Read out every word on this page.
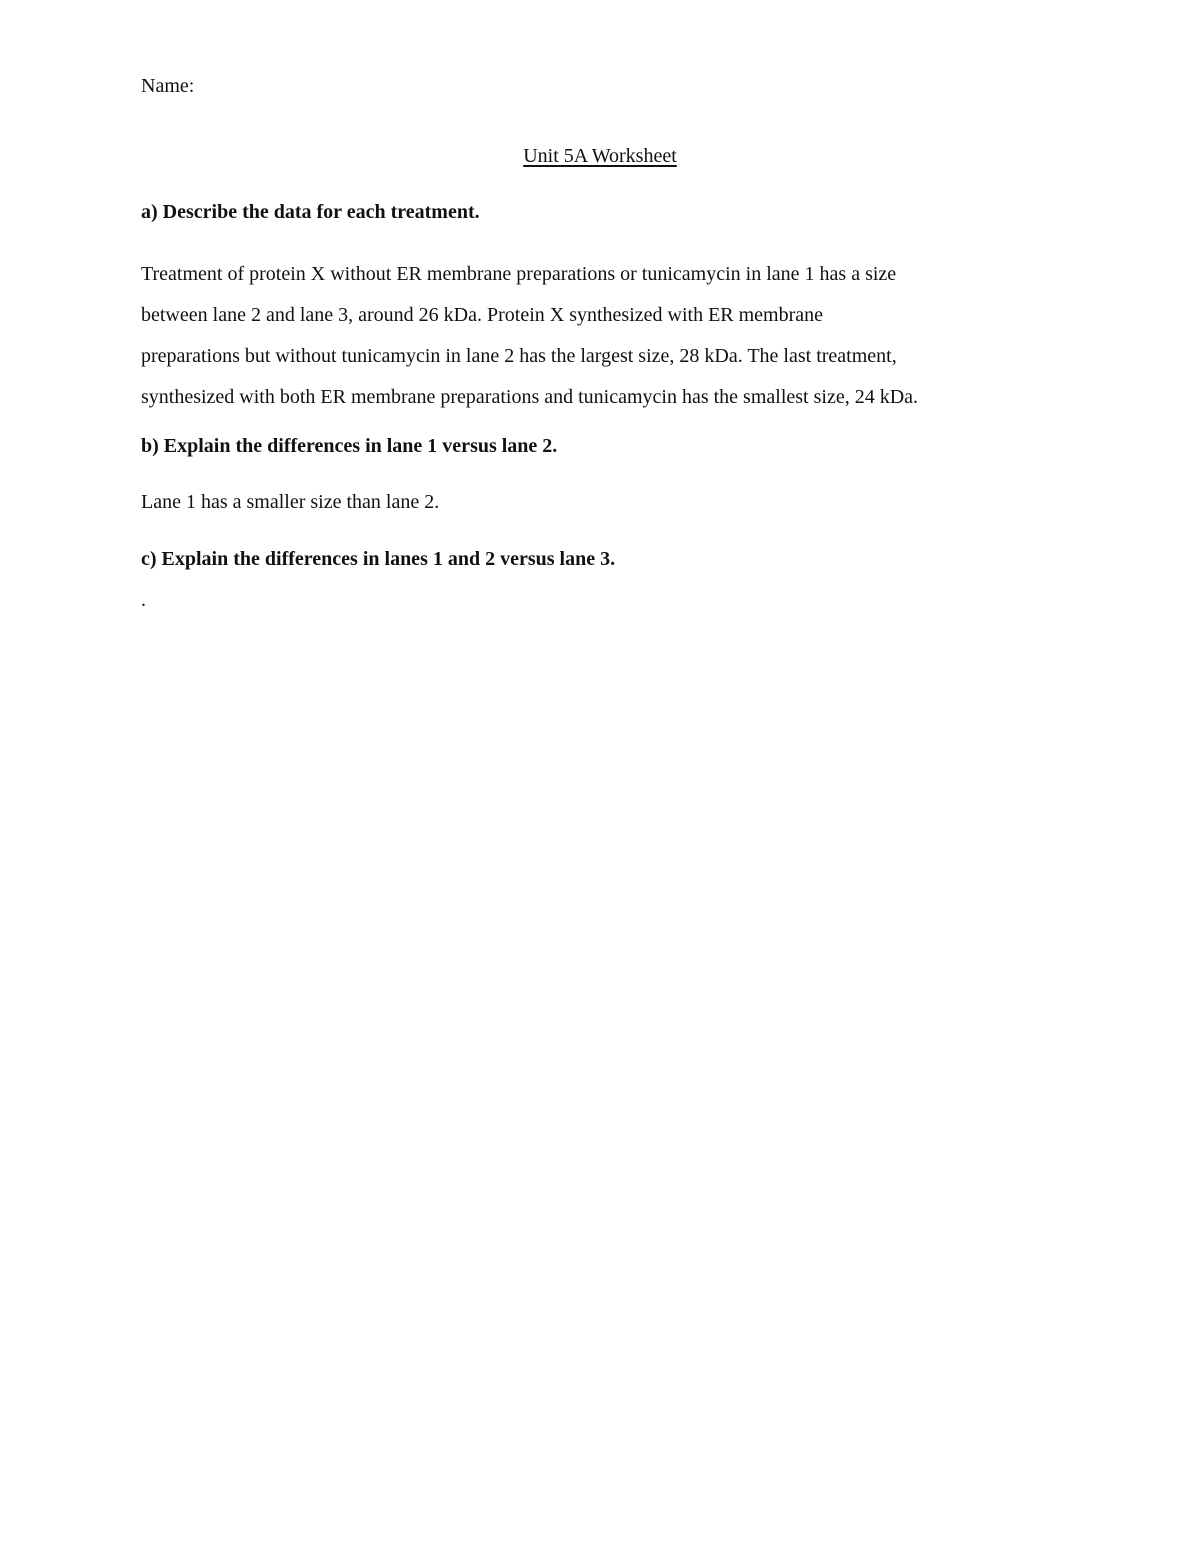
Name:

Unit 5A Worksheet

a) Describe the data for each treatment.

Treatment of protein X without ER membrane preparations or tunicamycin in lane 1 has a size
between lane 2 and lane 3, around 26 kDa. Protein X synthesized with ER membrane
preparations but without tunicamycin in lane 2 has the largest size, 28 kDa. The last treatment,
synthesized with both ER membrane preparations and tunicamycin has the smallest size, 24 kDa.

b) Explain the differences in lane 1 versus lane 2.

Lane 1 has a smaller size than lane 2.

c) Explain the differences in lanes 1 and 2 versus lane 3.

.
